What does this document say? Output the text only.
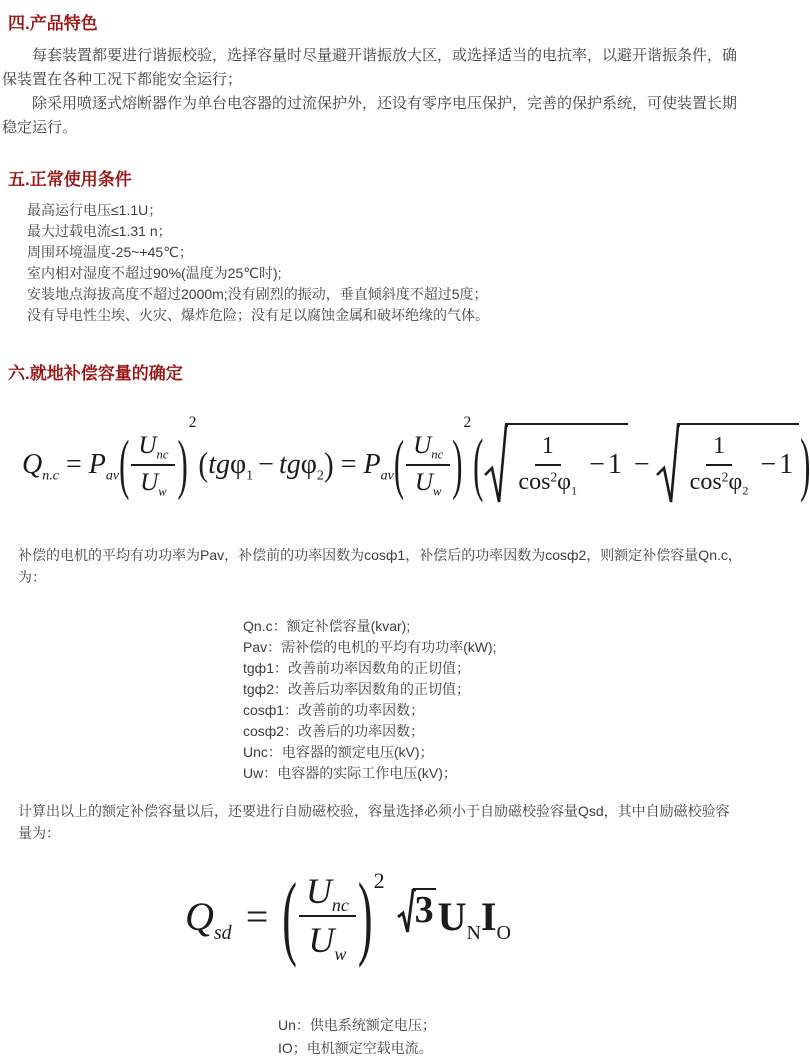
四.产品特色

每套装置都要进行谐振校验，选择容量时尽量避开谐振放大区，或选择适当的电抗率，以避开谐振条件，确保装置在各种工况下都能安全运行；

除采用喷逐式熔断器作为单台电容器的过流保护外，还设有零序电压保护，完善的保护系统，可使装置长期稳定运行。

五.正常使用条件
最高运行电压≤1.1U；
最大过载电流≤1.31 n；
周围环境温度-25~+45℃；
室内相对湿度不超过90%(温度为25℃时);
安装地点海拔高度不超过2000m;没有剧烈的振动，垂直倾斜度不超过5度；
没有导电性尘埃、火灾、爆炸危险；没有足以腐蚀金属和破坏绝缘的气体。
六.就地补偿容量的确定
Q n.c = P av ( $\frac{\text{U nc}}{\text{U w}}$ )
2
( tg φ 1 − tg φ 2 ) = P av ( $\frac{\text{U nc}}{\text{U w}}$ )
2
( $\frac{1}{\cos 2 \varphi 1} - 1 - \frac{1}{\cos 2 \varphi 2} - 1$ )

补偿的电机的平均有功功率为Pav，补偿前的功率因数为cosф1，补偿后的功率因数为cosф2，则额定补偿容量Qn.c，为：

Qn.c：额定补偿容量(kvar);
Pav：需补偿的电机的平均有功功率(kW);
tgф1：改善前功率因数角的正切值；
tgф2：改善后功率因数角的正切值；
cosф1：改善前的功率因数；
cosф2：改善后的功率因数；
Unc：电容器的额定电压(kV)；
Uw：电容器的实际工作电压(kV)；

计算出以上的额定补偿容量以后，还要进行自励磁校验，容量选择必须小于自励磁校验容量Qsd，其中自励磁校验容量为：

Q sd = ( $\frac{\text{U nc}}{\text{U w}}$ ) 2
3 U N I O
Un：供电系统额定电压；
IO；电机额定空载电流。
